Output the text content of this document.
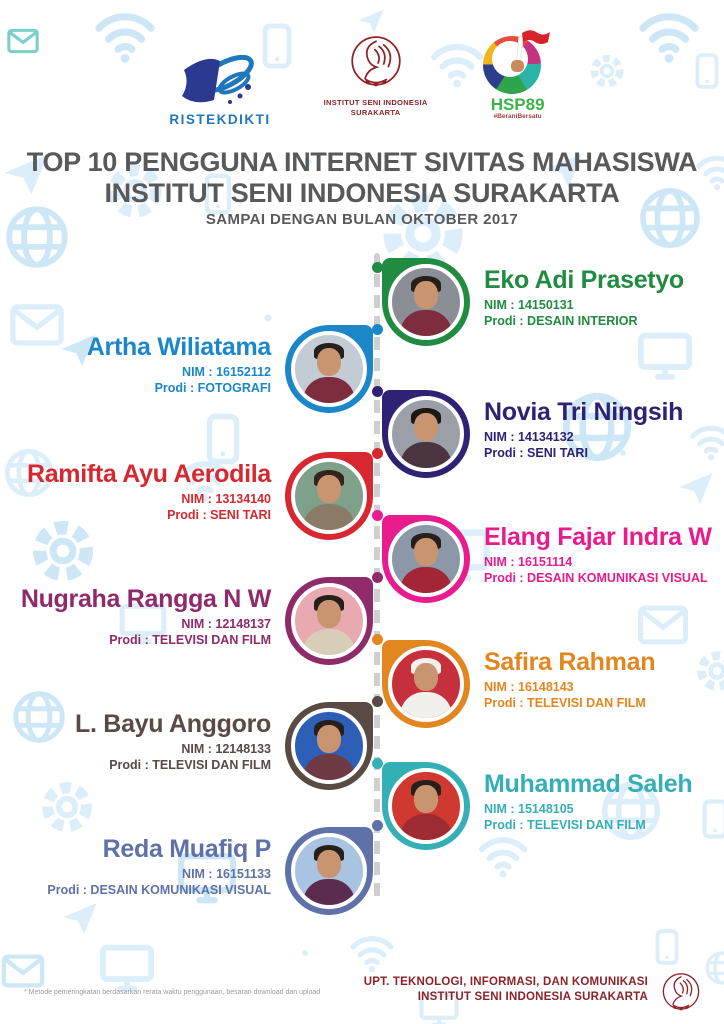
RISTEKDIKTI
INSTITUT SENI INDONESIA
SURAKARTA	HSP89
#BeraniBersatu
TOP 10 PENGGUNA INTERNET SIVITAS MAHASISWA
INSTITUT SENI INDONESIA SURAKARTA
SAMPAI DENGAN BULAN OKTOBER 2017
Eko Adi Prasetyo
NIM : 14150131
Prodi : DESAIN INTERIOR
Artha Wiliatama
NIM : 16152112
Prodi : FOTOGRAFI
Novia Tri Ningsih
NIM : 14134132
Prodi : SENI TARI
Ramifta Ayu Aerodila
NIM : 13134140
Prodi : SENI TARI
Elang Fajar Indra W
NIM : 16151114
Prodi : DESAIN KOMUNIKASI VISUAL
Nugraha Rangga N W
NIM : 12148137
Prodi : TELEVISI DAN FILM
Safira Rahman
NIM : 16148143
Prodi : TELEVISI DAN FILM
L. Bayu Anggoro
NIM : 12148133
Prodi : TELEVISI DAN FILM
Muhammad Saleh
NIM : 15148105
Prodi : TELEVISI DAN FILM
Reda Muafiq P
NIM : 16151133
Prodi : DESAIN KOMUNIKASI VISUAL
* Metode pemeringkatan berdasarkan rerata waktu penggunaan, besaran download dan upload
UPT. TEKNOLOGI, INFORMASI, DAN KOMUNIKASI
INSTITUT SENI INDONESIA SURAKARTA
